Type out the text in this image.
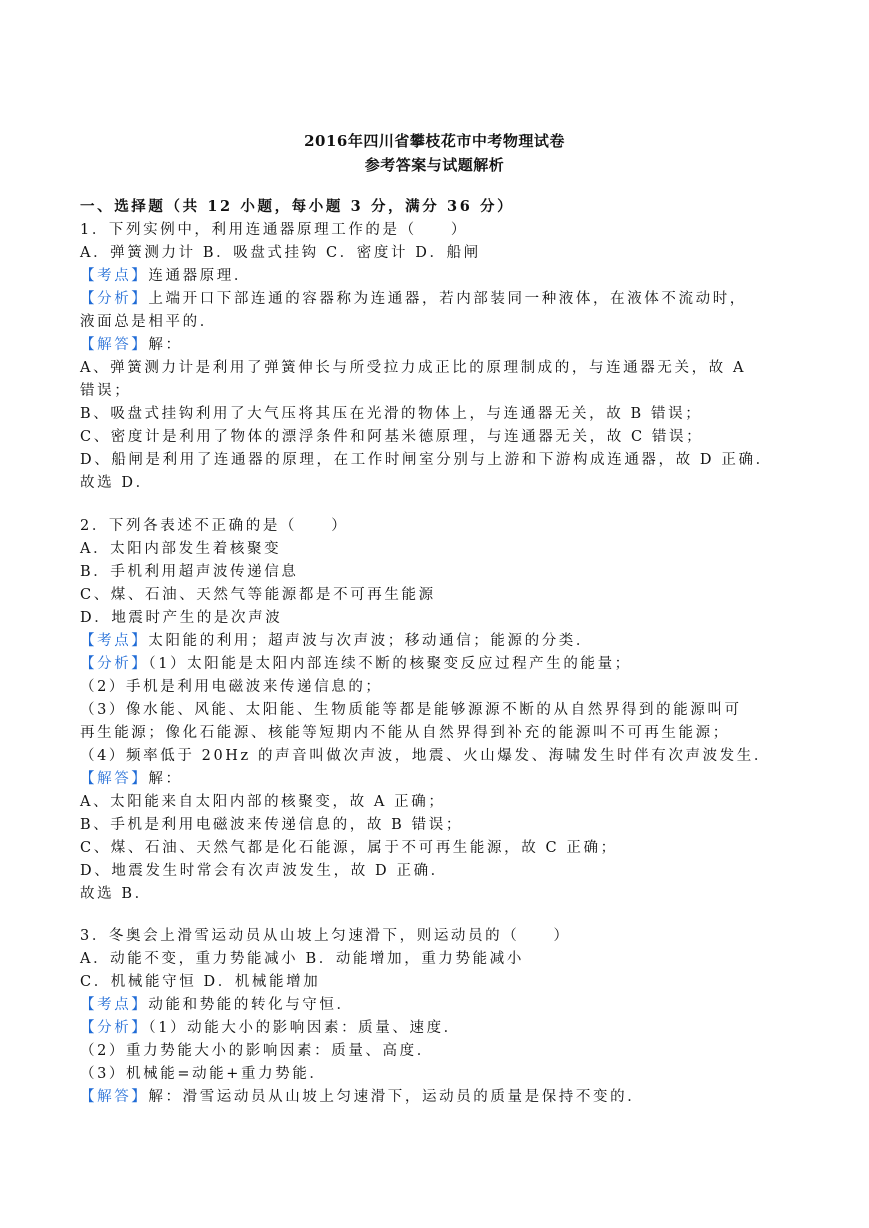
2016年四川省攀枝花市中考物理试卷
参考答案与试题解析
一、选择题（共 12 小题，每小题 3 分，满分 36 分）
1．下列实例中，利用连通器原理工作的是（　　）
A．弹簧测力计 B．吸盘式挂钩 C．密度计 D．船闸
【考点】连通器原理．
【分析】上端开口下部连通的容器称为连通器，若内部装同一种液体，在液体不流动时，
液面总是相平的．
【解答】解：
A、弹簧测力计是利用了弹簧伸长与所受拉力成正比的原理制成的，与连通器无关，故 A
错误；
B、吸盘式挂钩利用了大气压将其压在光滑的物体上，与连通器无关，故 B 错误；
C、密度计是利用了物体的漂浮条件和阿基米德原理，与连通器无关，故 C 错误；
D、船闸是利用了连通器的原理，在工作时闸室分别与上游和下游构成连通器，故 D 正确．
故选 D．
2．下列各表述不正确的是（　　）
A．太阳内部发生着核聚变
B．手机利用超声波传递信息
C、煤、石油、天然气等能源都是不可再生能源
D．地震时产生的是次声波
【考点】太阳能的利用；超声波与次声波；移动通信；能源的分类．
【分析】（1）太阳能是太阳内部连续不断的核聚变反应过程产生的能量；
（2）手机是利用电磁波来传递信息的；
（3）像水能、风能、太阳能、生物质能等都是能够源源不断的从自然界得到的能源叫可
再生能源；像化石能源、核能等短期内不能从自然界得到补充的能源叫不可再生能源；
（4）频率低于 20Hz 的声音叫做次声波，地震、火山爆发、海啸发生时伴有次声波发生．
【解答】解：
A、太阳能来自太阳内部的核聚变，故 A 正确；
B、手机是利用电磁波来传递信息的，故 B 错误；
C、煤、石油、天然气都是化石能源，属于不可再生能源，故 C 正确；
D、地震发生时常会有次声波发生，故 D 正确．
故选 B．
3．冬奥会上滑雪运动员从山坡上匀速滑下，则运动员的（　　）
A．动能不变，重力势能减小 B．动能增加，重力势能减小
C．机械能守恒 D．机械能增加
【考点】动能和势能的转化与守恒．
【分析】（1）动能大小的影响因素：质量、速度．
（2）重力势能大小的影响因素：质量、高度．
（3）机械能=动能+重力势能．
【解答】解：滑雪运动员从山坡上匀速滑下，运动员的质量是保持不变的．
